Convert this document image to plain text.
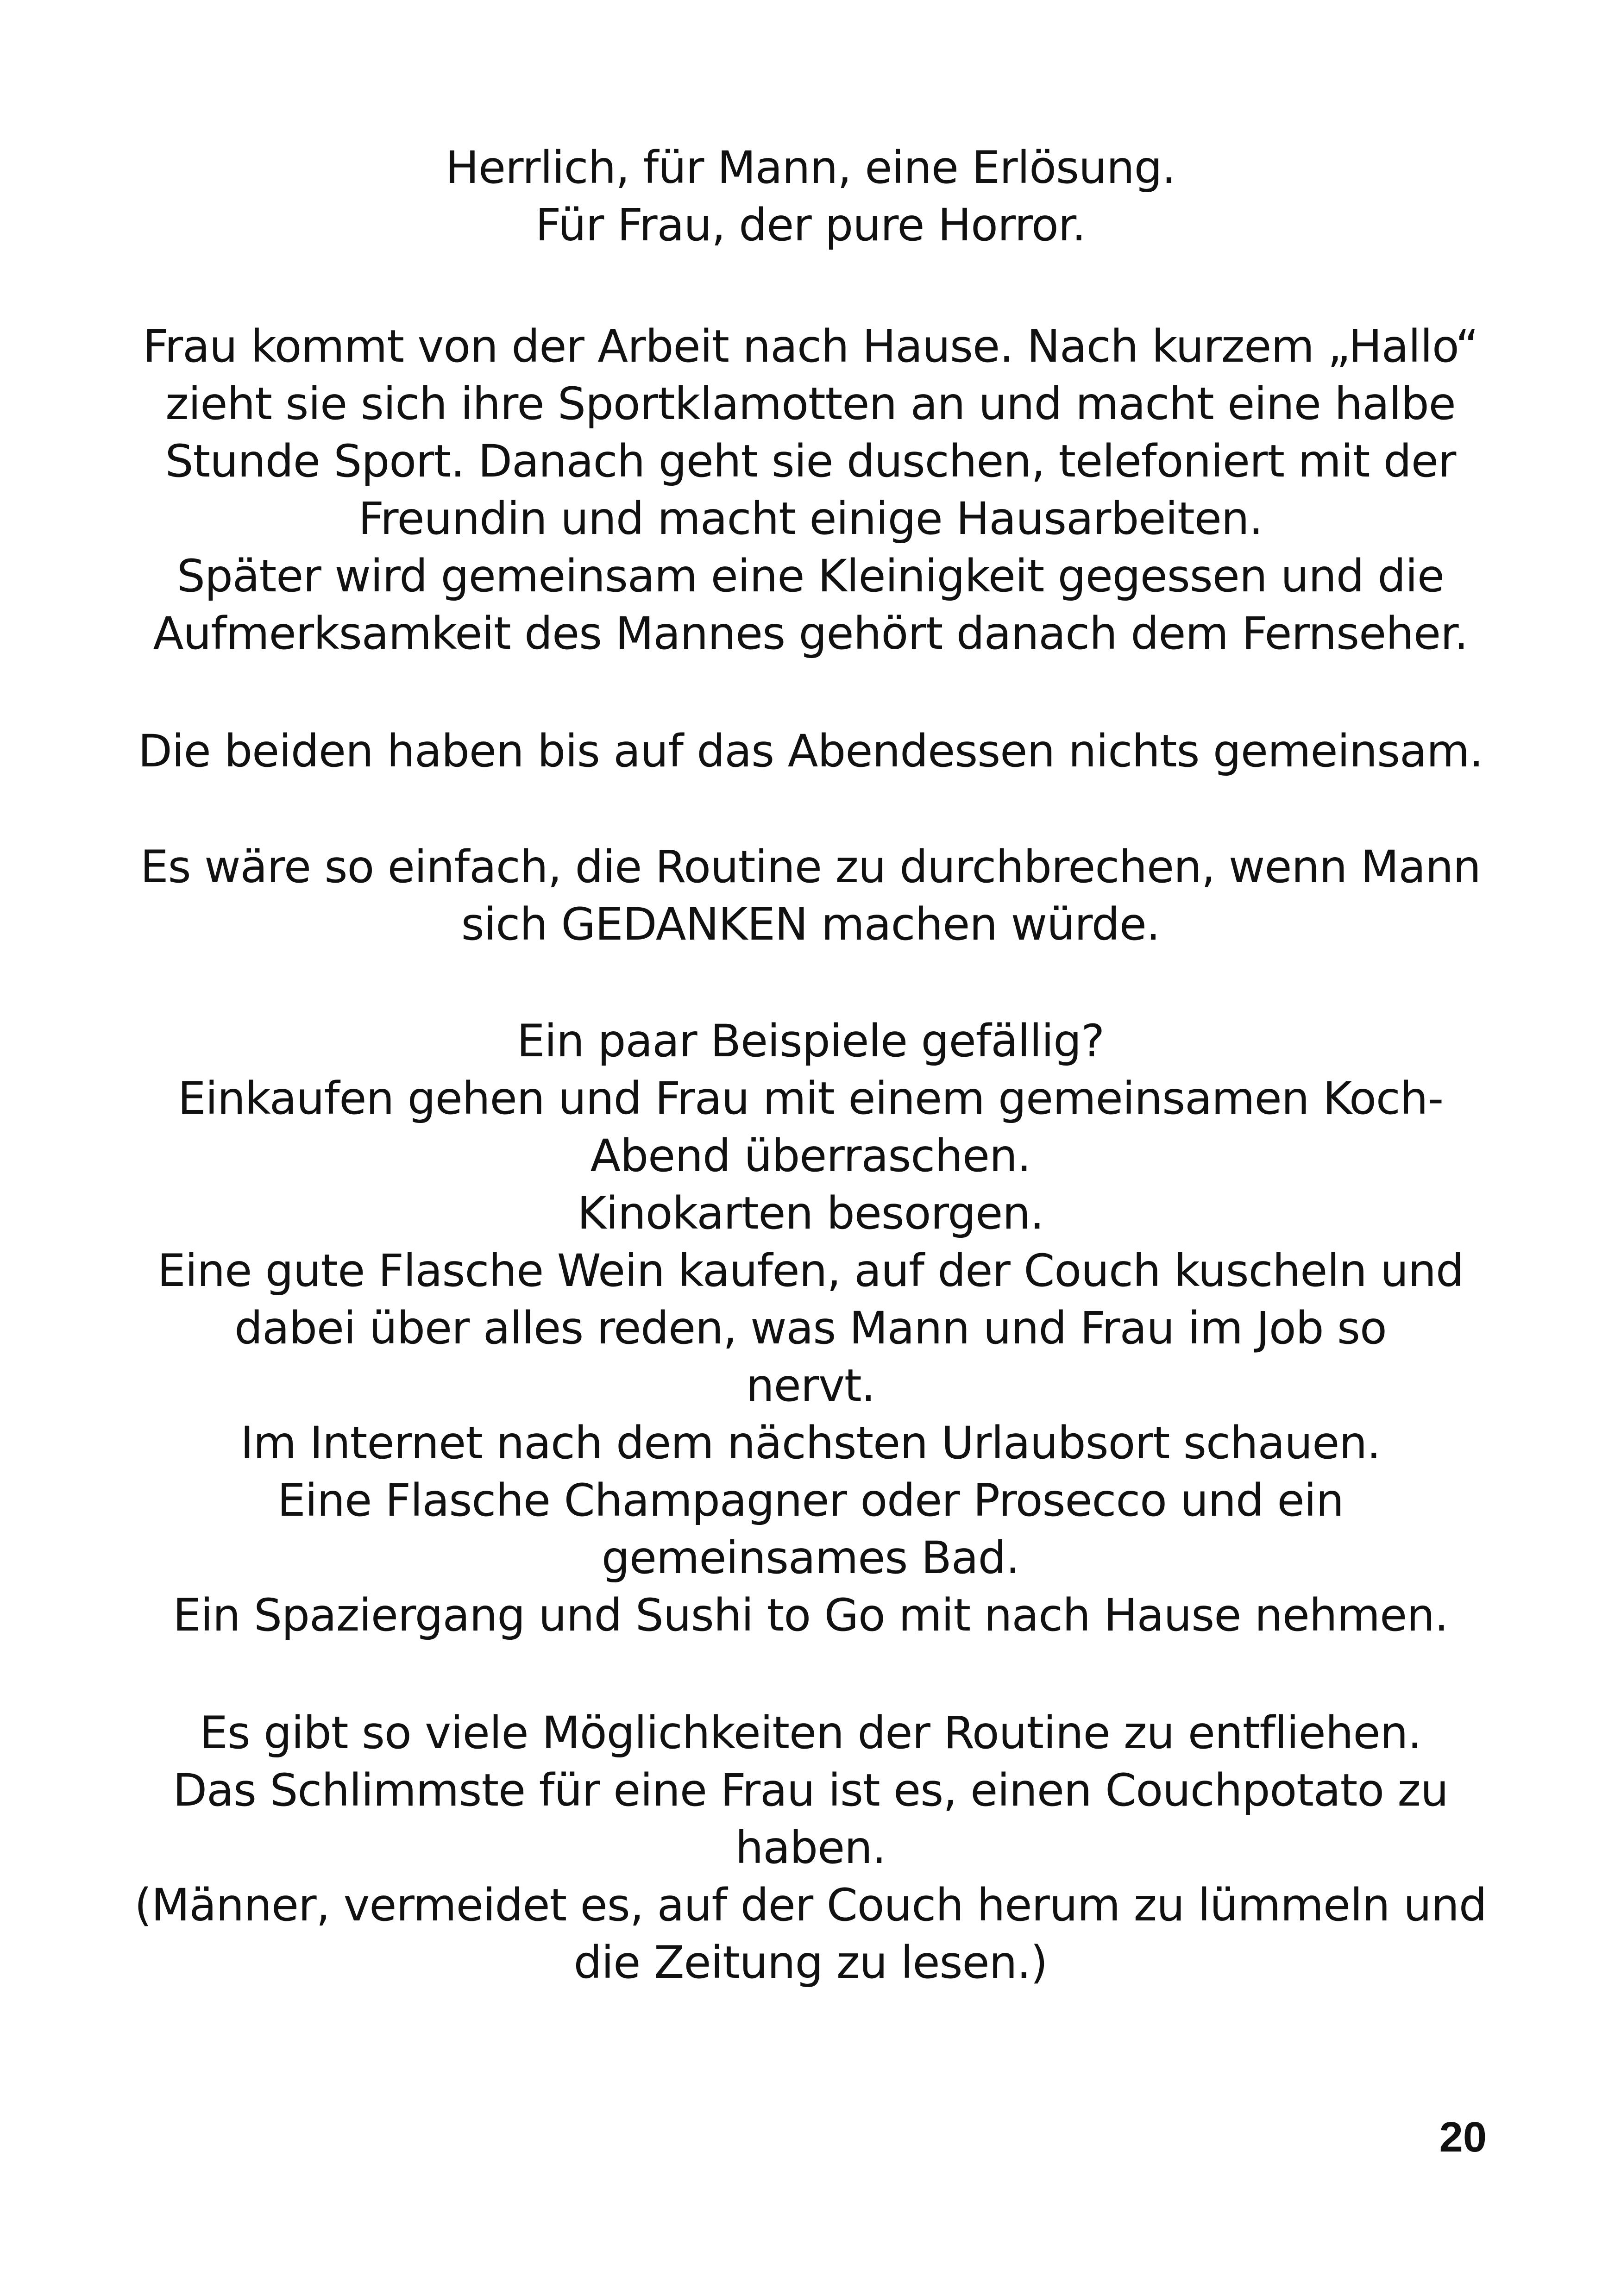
Herrlich, für Mann, eine Erlösung.
Für Frau, der pure Horror.
Frau kommt von der Arbeit nach Hause. Nach kurzem „Hallo“
zieht sie sich ihre Sportklamotten an und macht eine halbe
Stunde Sport. Danach geht sie duschen, telefoniert mit der
Freundin und macht einige Hausarbeiten.
Später wird gemeinsam eine Kleinigkeit gegessen und die
Aufmerksamkeit des Mannes gehört danach dem Fernseher.
Die beiden haben bis auf das Abendessen nichts gemeinsam.
Es wäre so einfach, die Routine zu durchbrechen, wenn Mann
sich GEDANKEN machen würde.
Ein paar Beispiele gefällig?
Einkaufen gehen und Frau mit einem gemeinsamen Koch-
Abend überraschen.
Kinokarten besorgen.
Eine gute Flasche Wein kaufen, auf der Couch kuscheln und
dabei über alles reden, was Mann und Frau im Job so
nervt.
Im Internet nach dem nächsten Urlaubsort schauen.
Eine Flasche Champagner oder Prosecco und ein
gemeinsames Bad.
Ein Spaziergang und Sushi to Go mit nach Hause nehmen.
Es gibt so viele Möglichkeiten der Routine zu entfliehen.
Das Schlimmste für eine Frau ist es, einen Couchpotato zu
haben.
(Männer, vermeidet es, auf der Couch herum zu lümmeln und
die Zeitung zu lesen.)
20
